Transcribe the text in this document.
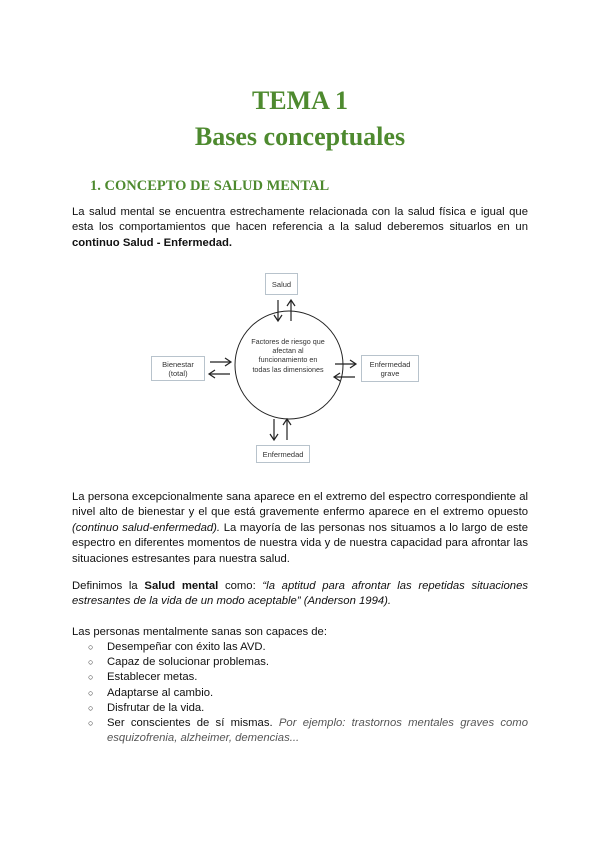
TEMA 1
Bases conceptuales
1. CONCEPTO DE SALUD MENTAL

La salud mental se encuentra estrechamente relacionada con la salud física e igual que esta los comportamientos que hacen referencia a la salud deberemos situarlos en un continuo Salud - Enfermedad.

Salud
Bienestar (total)
Enfermedad grave
Enfermedad
Factores de riesgo que afectan al funcionamiento en todas las dimensiones

La persona excepcionalmente sana aparece en el extremo del espectro correspondiente al nivel alto de bienestar y el que está gravemente enfermo aparece en el extremo opuesto (continuo salud-enfermedad). La mayoría de las personas nos situamos a lo largo de este espectro en diferentes momentos de nuestra vida y de nuestra capacidad para afrontar las situaciones estresantes para nuestra salud.

Definimos la Salud mental como: “la aptitud para afrontar las repetidas situaciones estresantes de la vida de un modo aceptable” (Anderson 1994).

Las personas mentalmente sanas son capaces de:

○ Desempeñar con éxito las AVD.
○ Capaz de solucionar problemas.
○ Establecer metas.
○ Adaptarse al cambio.
○ Disfrutar de la vida.
○ Ser conscientes de sí mismas. Por ejemplo: trastornos mentales graves como esquizofrenia, alzheimer, demencias...
